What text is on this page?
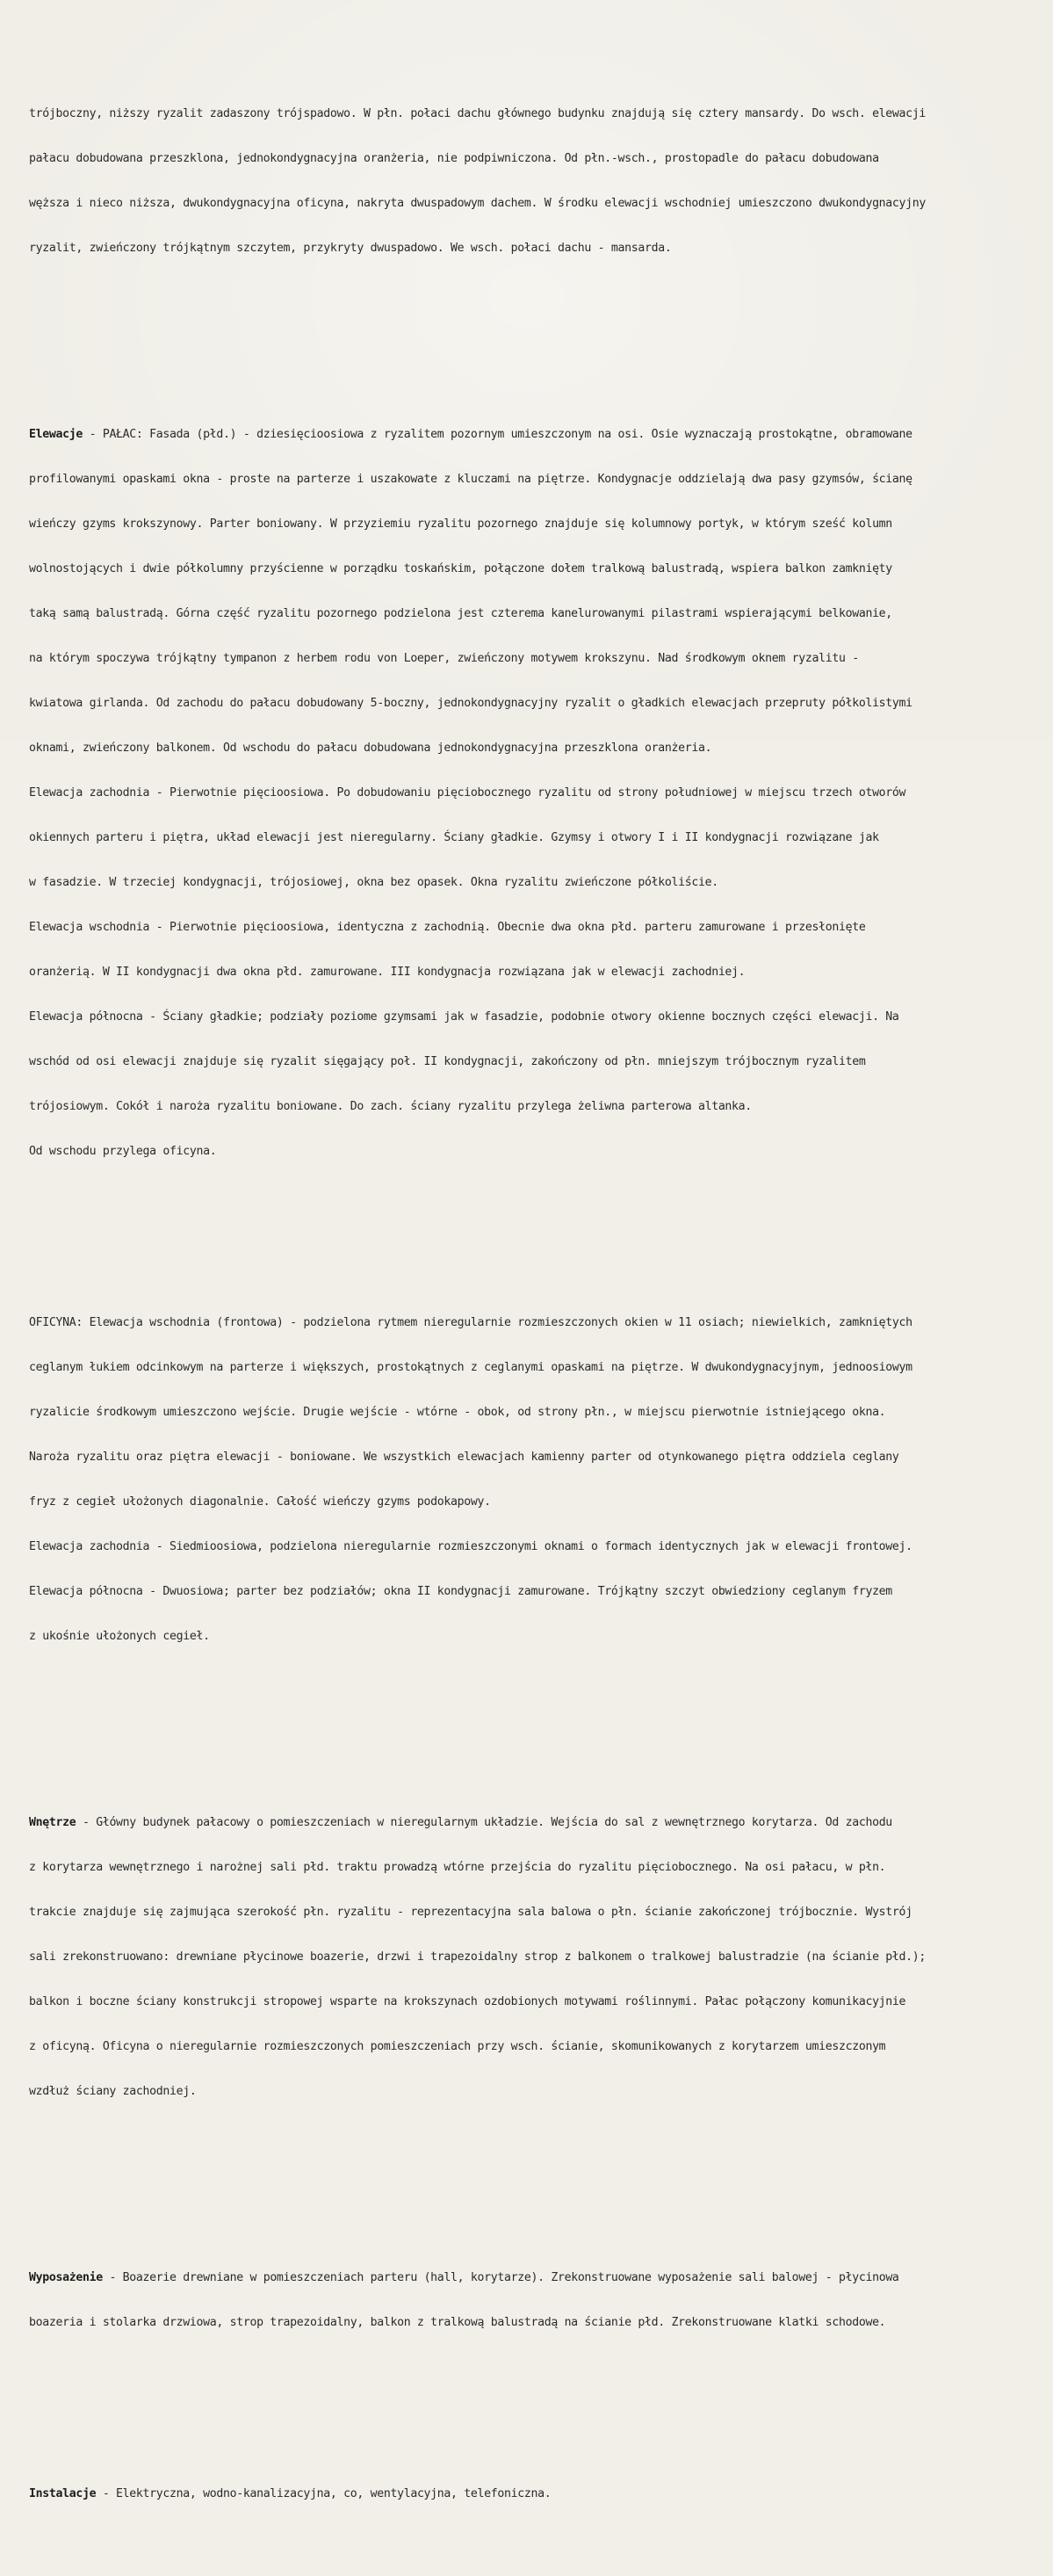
trójboczny, niższy ryzalit zadaszony trójspadowo. W płn. połaci dachu głównego budynku znajdują się cztery mansardy. Do wsch. elewacji

pałacu dobudowana przeszklona, jednokondygnacyjna oranżeria, nie podpiwniczona. Od płn.-wsch., prostopadle do pałacu dobudowana

węższa i nieco niższa, dwukondygnacyjna oficyna, nakryta dwuspadowym dachem. W środku elewacji wschodniej umieszczono dwukondygnacyjny

ryzalit, zwieńczony trójkątnym szczytem, przykryty dwuspadowo. We wsch. połaci dachu - mansarda.

Elewacje - PAŁAC: Fasada (płd.) - dziesięcioosiowa z ryzalitem pozornym umieszczonym na osi. Osie wyznaczają prostokątne, obramowane

profilowanymi opaskami okna - proste na parterze i uszakowate z kluczami na piętrze. Kondygnacje oddzielają dwa pasy gzymsów, ścianę

wieńczy gzyms krokszynowy. Parter boniowany. W przyziemiu ryzalitu pozornego znajduje się kolumnowy portyk, w którym sześć kolumn

wolnostojących i dwie półkolumny przyścienne w porządku toskańskim, połączone dołem tralkową balustradą, wspiera balkon zamknięty

taką samą balustradą. Górna część ryzalitu pozornego podzielona jest czterema kanelurowanymi pilastrami wspierającymi belkowanie,

na którym spoczywa trójkątny tympanon z herbem rodu von Loeper, zwieńczony motywem krokszynu. Nad środkowym oknem ryzalitu -

kwiatowa girlanda. Od zachodu do pałacu dobudowany 5-boczny, jednokondygnacyjny ryzalit o gładkich elewacjach przepruty półkolistymi

oknami, zwieńczony balkonem. Od wschodu do pałacu dobudowana jednokondygnacyjna przeszklona oranżeria.

Elewacja zachodnia - Pierwotnie pięcioosiowa. Po dobudowaniu pięciobocznego ryzalitu od strony południowej w miejscu trzech otworów

okiennych parteru i piętra, układ elewacji jest nieregularny. Ściany gładkie. Gzymsy i otwory I i II kondygnacji rozwiązane jak

w fasadzie. W trzeciej kondygnacji, trójosiowej, okna bez opasek. Okna ryzalitu zwieńczone półkoliście.

Elewacja wschodnia - Pierwotnie pięcioosiowa, identyczna z zachodnią. Obecnie dwa okna płd. parteru zamurowane i przesłonięte

oranżerią. W II kondygnacji dwa okna płd. zamurowane. III kondygnacja rozwiązana jak w elewacji zachodniej.

Elewacja północna - Ściany gładkie; podziały poziome gzymsami jak w fasadzie, podobnie otwory okienne bocznych części elewacji. Na

wschód od osi elewacji znajduje się ryzalit sięgający poł. II kondygnacji, zakończony od płn. mniejszym trójbocznym ryzalitem

trójosiowym. Cokół i naroża ryzalitu boniowane. Do zach. ściany ryzalitu przylega żeliwna parterowa altanka.

Od wschodu przylega oficyna.

OFICYNA: Elewacja wschodnia (frontowa) - podzielona rytmem nieregularnie rozmieszczonych okien w 11 osiach; niewielkich, zamkniętych

ceglanym łukiem odcinkowym na parterze i większych, prostokątnych z ceglanymi opaskami na piętrze. W dwukondygnacyjnym, jednoosiowym

ryzalicie środkowym umieszczono wejście. Drugie wejście - wtórne - obok, od strony płn., w miejscu pierwotnie istniejącego okna.

Naroża ryzalitu oraz piętra elewacji - boniowane. We wszystkich elewacjach kamienny parter od otynkowanego piętra oddziela ceglany

fryz z cegieł ułożonych diagonalnie. Całość wieńczy gzyms podokapowy.

Elewacja zachodnia - Siedmioosiowa, podzielona nieregularnie rozmieszczonymi oknami o formach identycznych jak w elewacji frontowej.

Elewacja północna - Dwuosiowa; parter bez podziałów; okna II kondygnacji zamurowane. Trójkątny szczyt obwiedziony ceglanym fryzem

z ukośnie ułożonych cegieł.

Wnętrze - Główny budynek pałacowy o pomieszczeniach w nieregularnym układzie. Wejścia do sal z wewnętrznego korytarza. Od zachodu

z korytarza wewnętrznego i narożnej sali płd. traktu prowadzą wtórne przejścia do ryzalitu pięcioboczneg​o. Na osi pałacu, w płn.

trakcie znajduje się zajmująca szerokość płn. ryzalitu - reprezentacyjna sala balowa o płn. ścianie zakończonej trójbocznie. Wystrój

sali zrekonstruowano: drewniane płycinowe boazerie, drzwi i trapezoidalny strop z balkonem o tralkowej balustradzie (na ścianie płd.);

balkon i boczne ściany konstrukcji stropowej wsparte na krokszynach ozdobionych motywami roślinnymi. Pałac połączony komunikacyjnie

z oficyną. Oficyna o nieregularnie rozmieszczonych pomieszczeniach przy wsch. ścianie, skomunikowanych z korytarzem umieszczonym

wzdłuż ściany zachodniej.

Wyposażenie - Boazerie drewniane w pomieszczeniach parteru (hall, korytarze). Zrekonstruowane wyposażenie sali balowej - płycinowa

boazeria i stolarka drzwiowa, strop trapezoidalny, balkon z tralkową balustradą na ścianie płd. Zrekonstruowane klatki schodowe.

Instalacje - Elektryczna, wodno-kanalizacyjna, co, wentylacyjna, telefoniczna.
